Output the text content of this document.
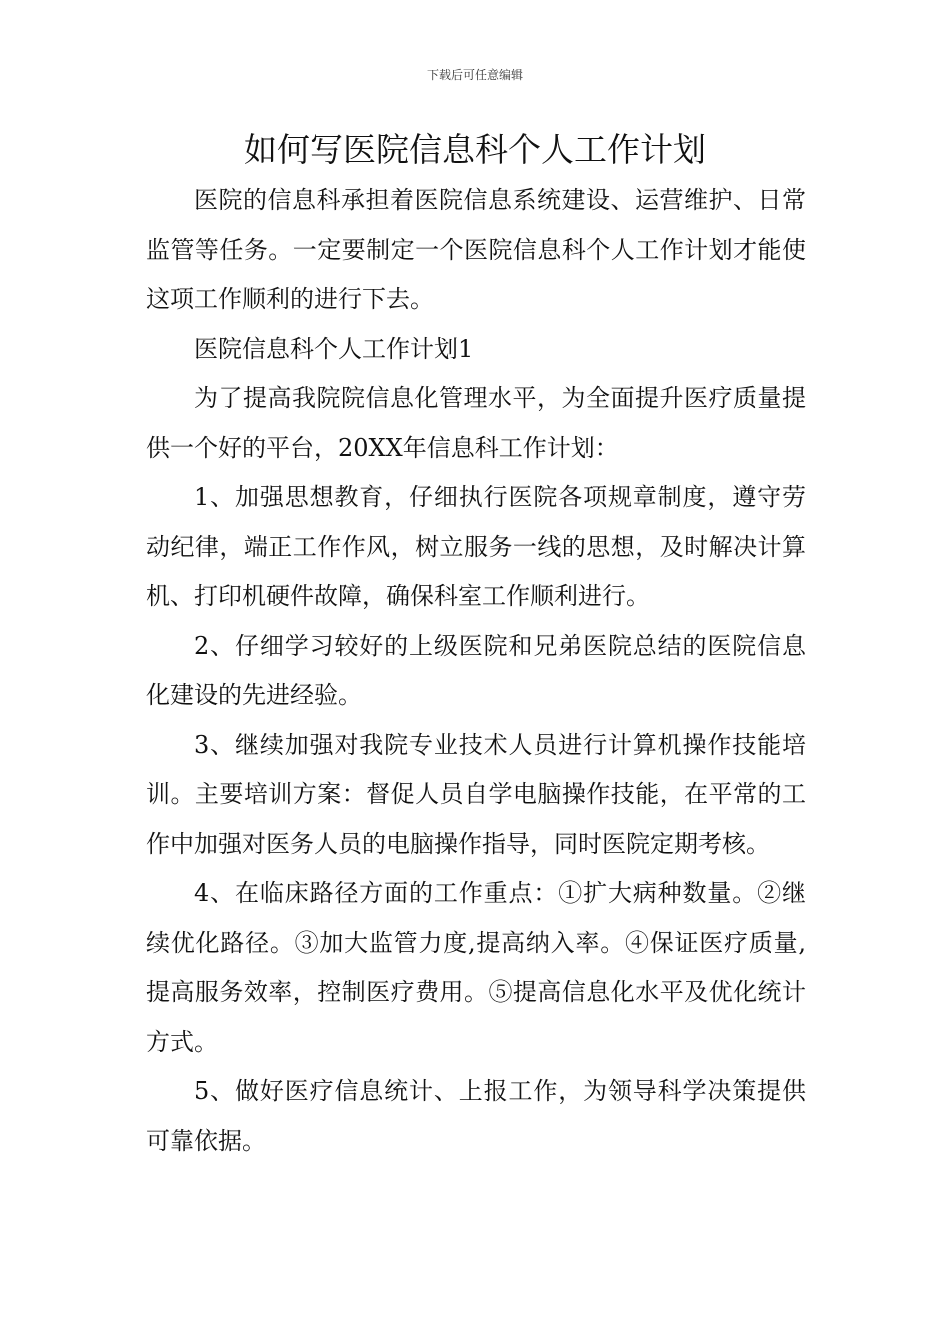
下载后可任意编辑
如何写医院信息科个人工作计划

医院的信息科承担着医院信息系统建设、运营维护、日常监管等任务。一定要制定一个医院信息科个人工作计划才能使这项工作顺利的进行下去。

医院信息科个人工作计划1

为了提高我院院信息化管理水平，为全面提升医疗质量提供一个好的平台，20XX年信息科工作计划：

1、加强思想教育，仔细执行医院各项规章制度，遵守劳动纪律，端正工作作风，树立服务一线的思想，及时解决计算机、打印机硬件故障，确保科室工作顺利进行。

2、仔细学习较好的上级医院和兄弟医院总结的医院信息化建设的先进经验。

3、继续加强对我院专业技术人员进行计算机操作技能培训。主要培训方案：督促人员自学电脑操作技能，在平常的工作中加强对医务人员的电脑操作指导，同时医院定期考核。

4、在临床路径方面的工作重点：①扩大病种数量。②继续优化路径。③加大监管力度,提高纳入率。④保证医疗质量,提高服务效率，控制医疗费用。⑤提高信息化水平及优化统计方式。

5、做好医疗信息统计、上报工作，为领导科学决策提供可靠依据。
